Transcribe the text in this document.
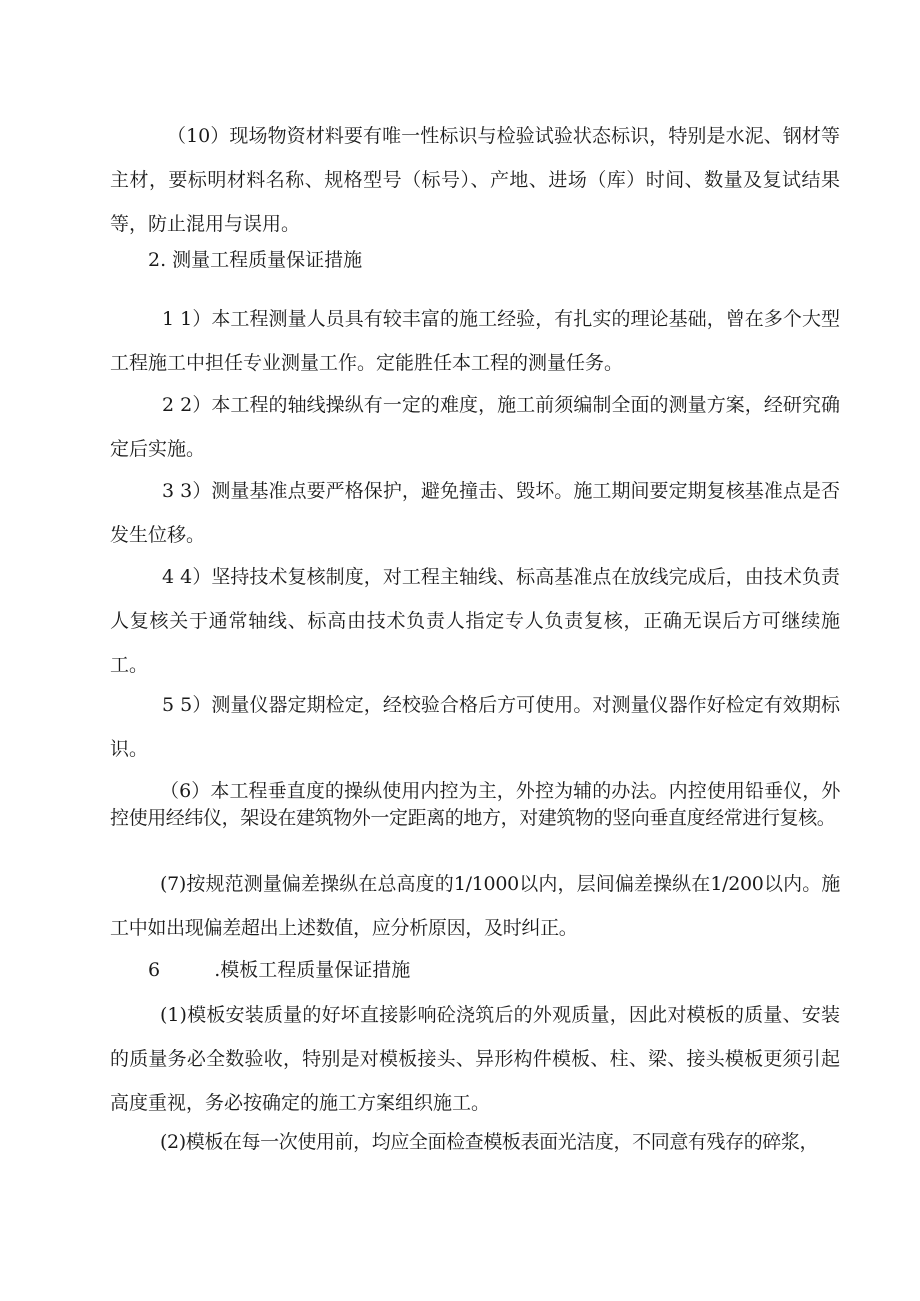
（10）现场物资材料要有唯一性标识与检验试验状态标识，特别是水泥、钢材等主材，要标明材料名称、规格型号（标号）、产地、进场（库）时间、数量及复试结果等，防止混用与误用。

2. 测量工程质量保证措施

1 1）本工程测量人员具有较丰富的施工经验，有扎实的理论基础，曾在多个大型工程施工中担任专业测量工作。定能胜任本工程的测量任务。

2 2）本工程的轴线操纵有一定的难度，施工前须编制全面的测量方案，经研究确定后实施。

3 3）测量基准点要严格保护，避免撞击、毁坏。施工期间要定期复核基准点是否发生位移。

4 4）坚持技术复核制度，对工程主轴线、标高基准点在放线完成后，由技术负责人复核关于通常轴线、标高由技术负责人指定专人负责复核，正确无误后方可继续施工。

5 5）测量仪器定期检定，经校验合格后方可使用。对测量仪器作好检定有效期标识。

（6）本工程垂直度的操纵使用内控为主，外控为辅的办法。内控使用铅垂仪，外控使用经纬仪，架设在建筑物外一定距离的地方，对建筑物的竖向垂直度经常进行复核。

(7)按规范测量偏差操纵在总高度的1/1000以内，层间偏差操纵在1/200以内。施工中如出现偏差超出上述数值，应分析原因，及时纠正。

6	.模板工程质量保证措施

(1)模板安装质量的好坏直接影响砼浇筑后的外观质量，因此对模板的质量、安装的质量务必全数验收，特别是对模板接头、异形构件模板、柱、梁、接头模板更须引起高度重视，务必按确定的施工方案组织施工。

(2)模板在每一次使用前，均应全面检查模板表面光洁度，不同意有残存的碎浆，
